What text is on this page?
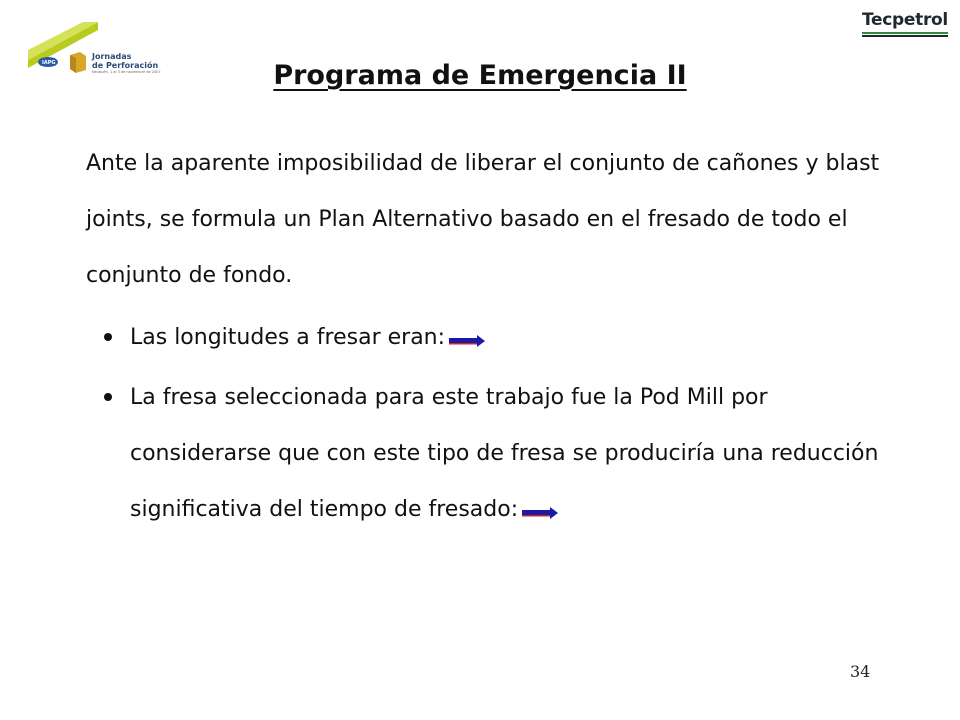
IAPG
Jornadas
de Perforación
Neuquén, 1 al 3 de noviembre de 2007
Tecpetrol
Programa de Emergencia II

Ante la aparente imposibilidad de liberar el conjunto de cañones y blast joints, se formula un Plan Alternativo basado en el fresado de todo el conjunto de fondo.

Las longitudes a fresar eran:

La fresa seleccionada para este trabajo fue la Pod Mill por considerarse que con este tipo de fresa se produciría una reducción significativa del tiempo de fresado:

34
